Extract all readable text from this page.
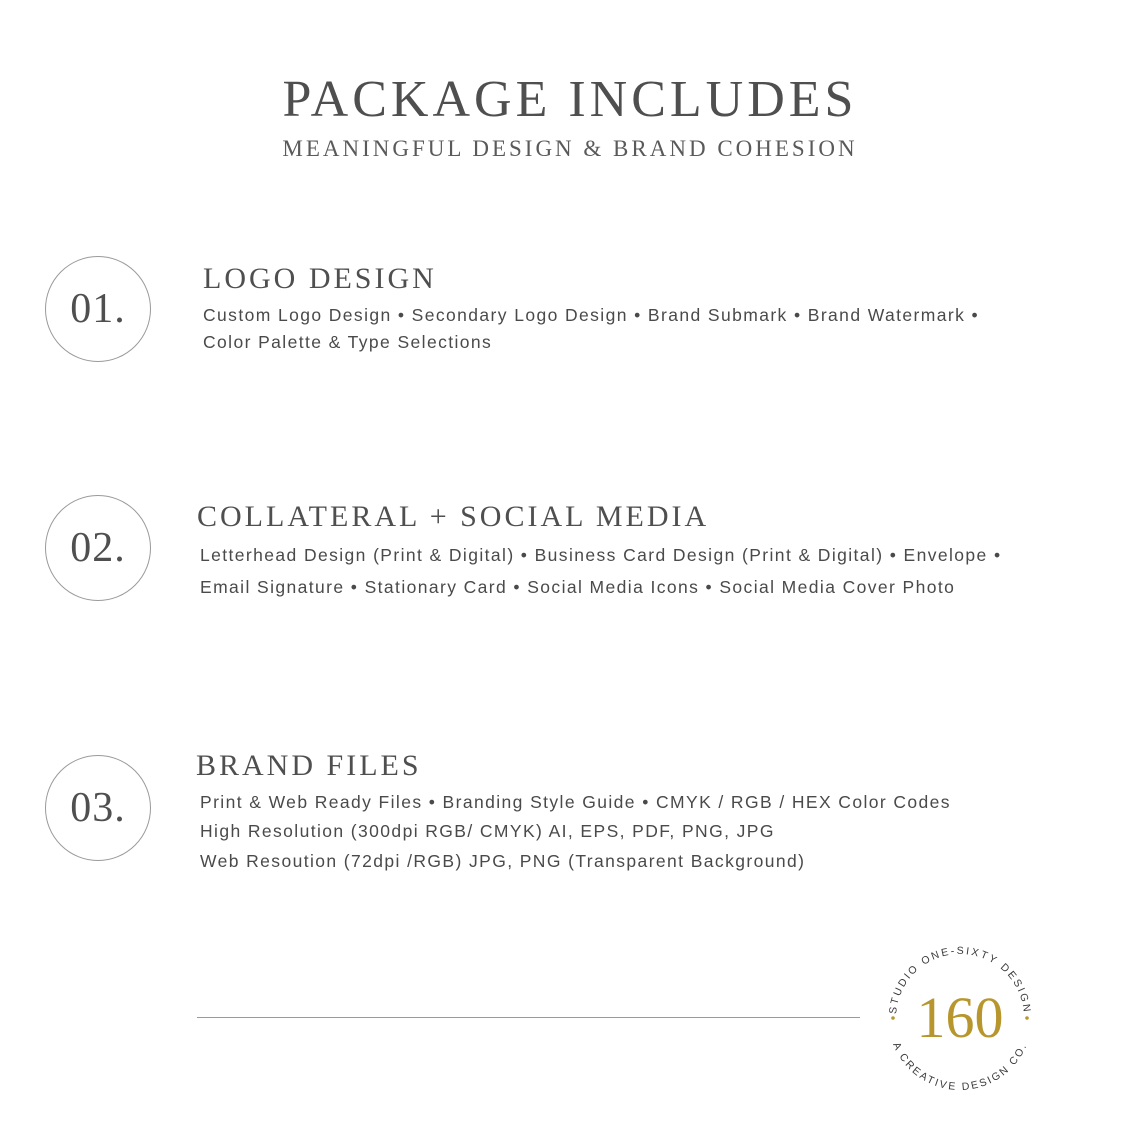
PACKAGE INCLUDES
MEANINGFUL DESIGN & BRAND COHESION
01.
LOGO DESIGN

Custom Logo Design • Secondary Logo Design • Brand Submark • Brand Watermark •

Color Palette & Type Selections

02.
COLLATERAL + SOCIAL MEDIA

Letterhead Design (Print & Digital) • Business Card Design (Print & Digital) • Envelope •

Email Signature • Stationary Card • Social Media Icons • Social Media Cover Photo

03.
BRAND FILES

Print & Web Ready Files • Branding Style Guide • CMYK / RGB / HEX Color Codes

High Resolution (300dpi RGB/ CMYK) AI, EPS, PDF, PNG, JPG

Web Resoution (72dpi /RGB) JPG, PNG (Transparent Background)

STUDIO ONE-SIXTY DESIGN
A CREATIVE DESIGN CO.
160
